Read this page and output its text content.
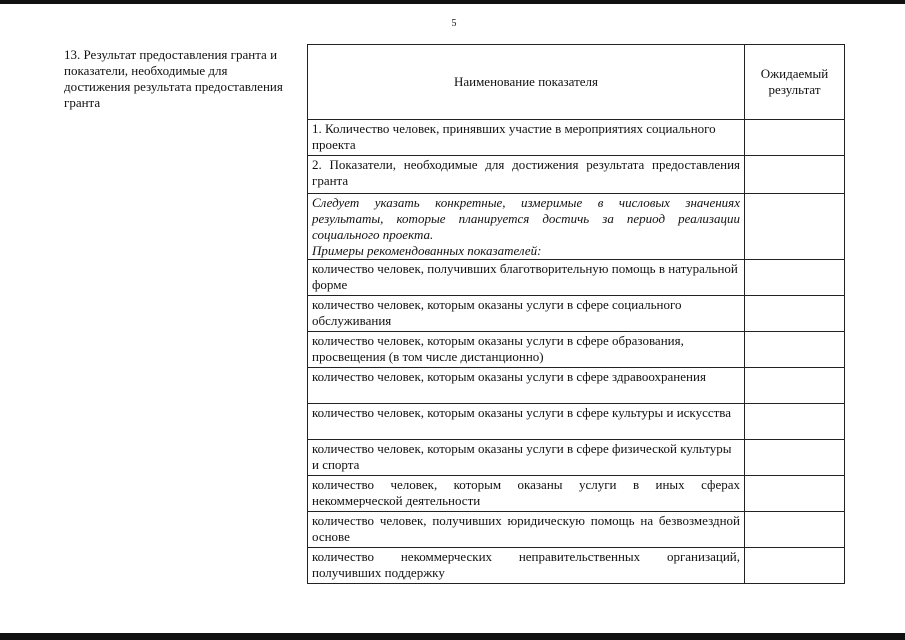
5
13. Результат предоставления гранта и показатели, необходимые для достижения результата предоставления гранта
Наименование показателя	Ожидаемый результат
1. Количество человек, принявших участие в мероприятиях социального проекта	
2. Показатели, необходимые для достижения результата предоставления гранта	

Следует указать конкретные, измеримые в числовых значениях результаты, которые планируется достичь за период реализации социального проекта.

Примеры рекомендованных показателей:	

количество человек, получивших благотворительную помощь в натуральной форме	
количество человек, которым оказаны услуги в сфере социального обслуживания	
количество человек, которым оказаны услуги в сфере образования, просвещения (в том числе дистанционно)	
количество человек, которым оказаны услуги в сфере здравоохранения	
количество человек, которым оказаны услуги в сфере культуры и искусства	
количество человек, которым оказаны услуги в сфере физической культуры и спорта	
количество человек, которым оказаны услуги в иных сферах некоммерческой деятельности	
количество человек, получивших юридическую помощь на безвозмездной основе	
количество некоммерческих неправительственных организаций, получивших поддержку	
